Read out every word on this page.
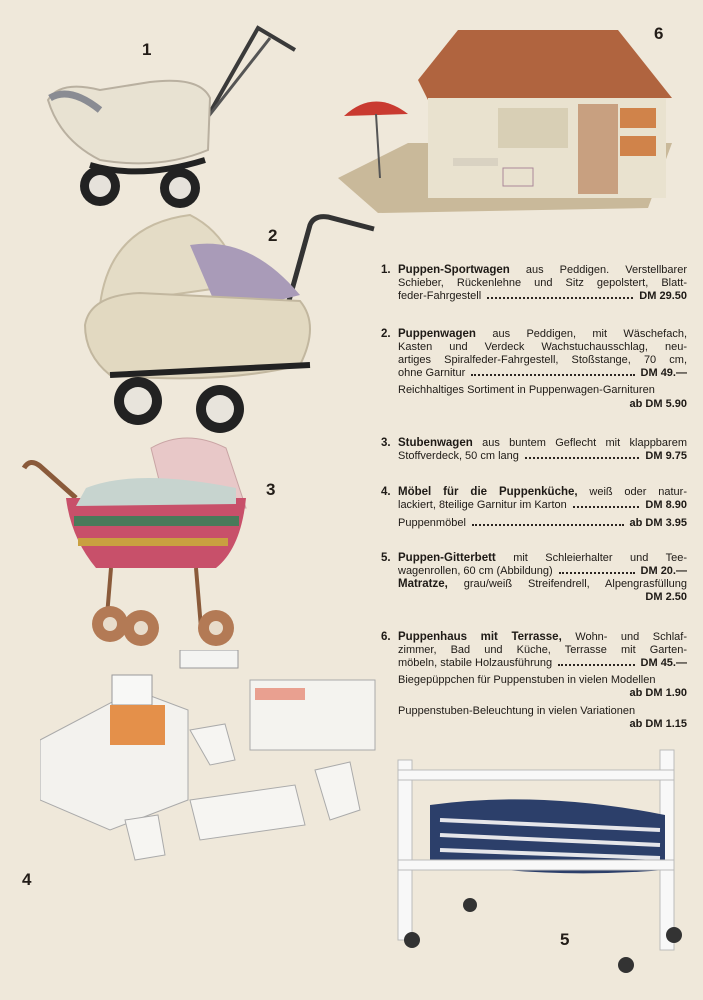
1
2
3
4
5
6
1. Puppen-Sportwagen aus Peddigen. Verstellbarer

Schieber, Rückenlehne und Sitz gepolstert, Blatt-

feder-Fahrgestell	DM 29.50
2. Puppenwagen aus Peddigen, mit Wäschefach,

Kasten und Verdeck Wachstuchausschlag, neu-

artiges Spiralfeder-Fahrgestell, Stoßstange, 70 cm,

ohne Garnitur	DM 49.—
Reichhaltiges Sortiment in Puppenwagen-Garnituren
ab DM 5.90
3. Stubenwagen aus buntem Geflecht mit klappbarem

Stoffverdeck, 50 cm lang	DM 9.75
4. Möbel für die Puppenküche, weiß oder natur-

lackiert, 8teilige Garnitur im Karton	DM 8.90
Puppenmöbel	ab DM 3.95
5. Puppen-Gitterbett mit Schleierhalter und Tee-

wagenrollen, 60 cm (Abbildung)	DM 20.—

Matratze, grau/weiß Streifendrell, Alpengrasfüllung

DM 2.50
6. Puppenhaus mit Terrasse, Wohn- und Schlaf-

zimmer, Bad und Küche, Terrasse mit Garten-

möbeln, stabile Holzausführung	DM 45.—
Biegepüppchen für Puppenstuben in vielen Modellen
ab DM 1.90
Puppenstuben-Beleuchtung in vielen Variationen
ab DM 1.15
